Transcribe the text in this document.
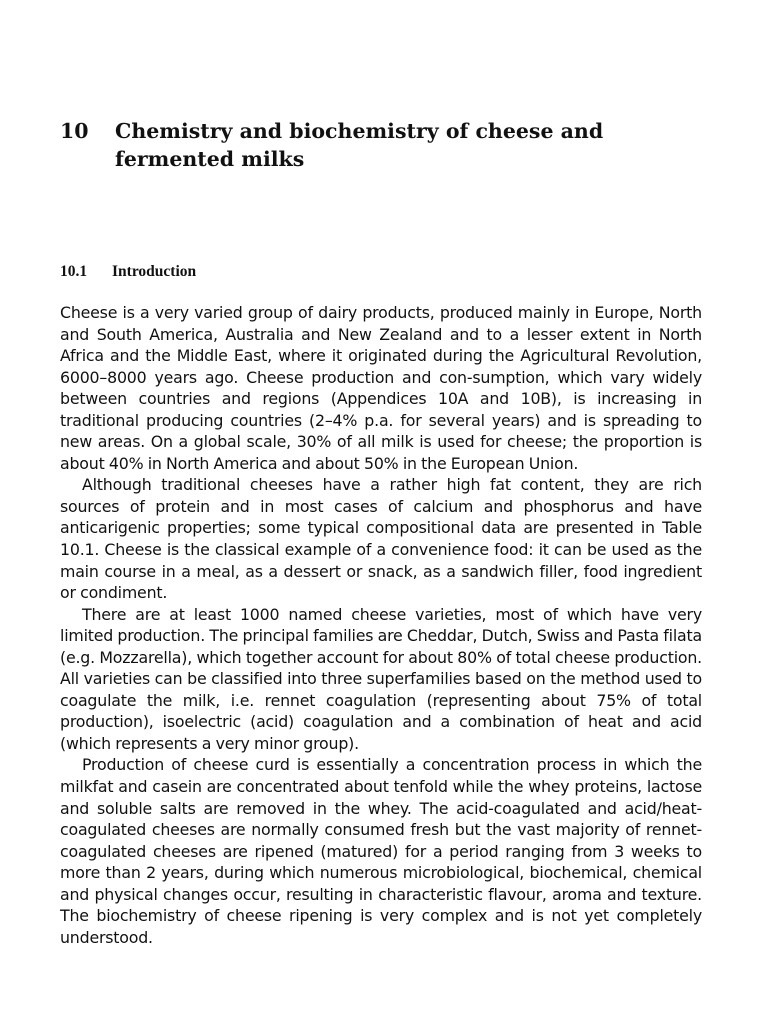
10 Chemistry and biochemistry of cheese and fermented milks
10.1 Introduction

Cheese is a very varied group of dairy products, produced mainly in Europe, North and South America, Australia and New Zealand and to a lesser extent in North Africa and the Middle East, where it originated during the Agricultural Revolution, 6000–8000 years ago. Cheese production and con-sumption, which vary widely between countries and regions (Appendices 10A and 10B), is increasing in traditional producing countries (2–4% p.a. for several years) and is spreading to new areas. On a global scale, 30% of all milk is used for cheese; the proportion is about 40% in North America and about 50% in the European Union.

Although traditional cheeses have a rather high fat content, they are rich sources of protein and in most cases of calcium and phosphorus and have anticarigenic properties; some typical compositional data are presented in Table 10.1. Cheese is the classical example of a convenience food: it can be used as the main course in a meal, as a dessert or snack, as a sandwich filler, food ingredient or condiment.

There are at least 1000 named cheese varieties, most of which have very limited production. The principal families are Cheddar, Dutch, Swiss and Pasta filata (e.g. Mozzarella), which together account for about 80% of total cheese production. All varieties can be classified into three superfamilies based on the method used to coagulate the milk, i.e. rennet coagulation (representing about 75% of total production), isoelectric (acid) coagulation and a combination of heat and acid (which represents a very minor group).

Production of cheese curd is essentially a concentration process in which the milkfat and casein are concentrated about tenfold while the whey proteins, lactose and soluble salts are removed in the whey. The acid-coagulated and acid/heat-coagulated cheeses are normally consumed fresh but the vast majority of rennet-coagulated cheeses are ripened (matured) for a period ranging from 3 weeks to more than 2 years, during which numerous microbiological, biochemical, chemical and physical changes occur, resulting in characteristic flavour, aroma and texture. The biochemistry of cheese ripening is very complex and is not yet completely understood.
